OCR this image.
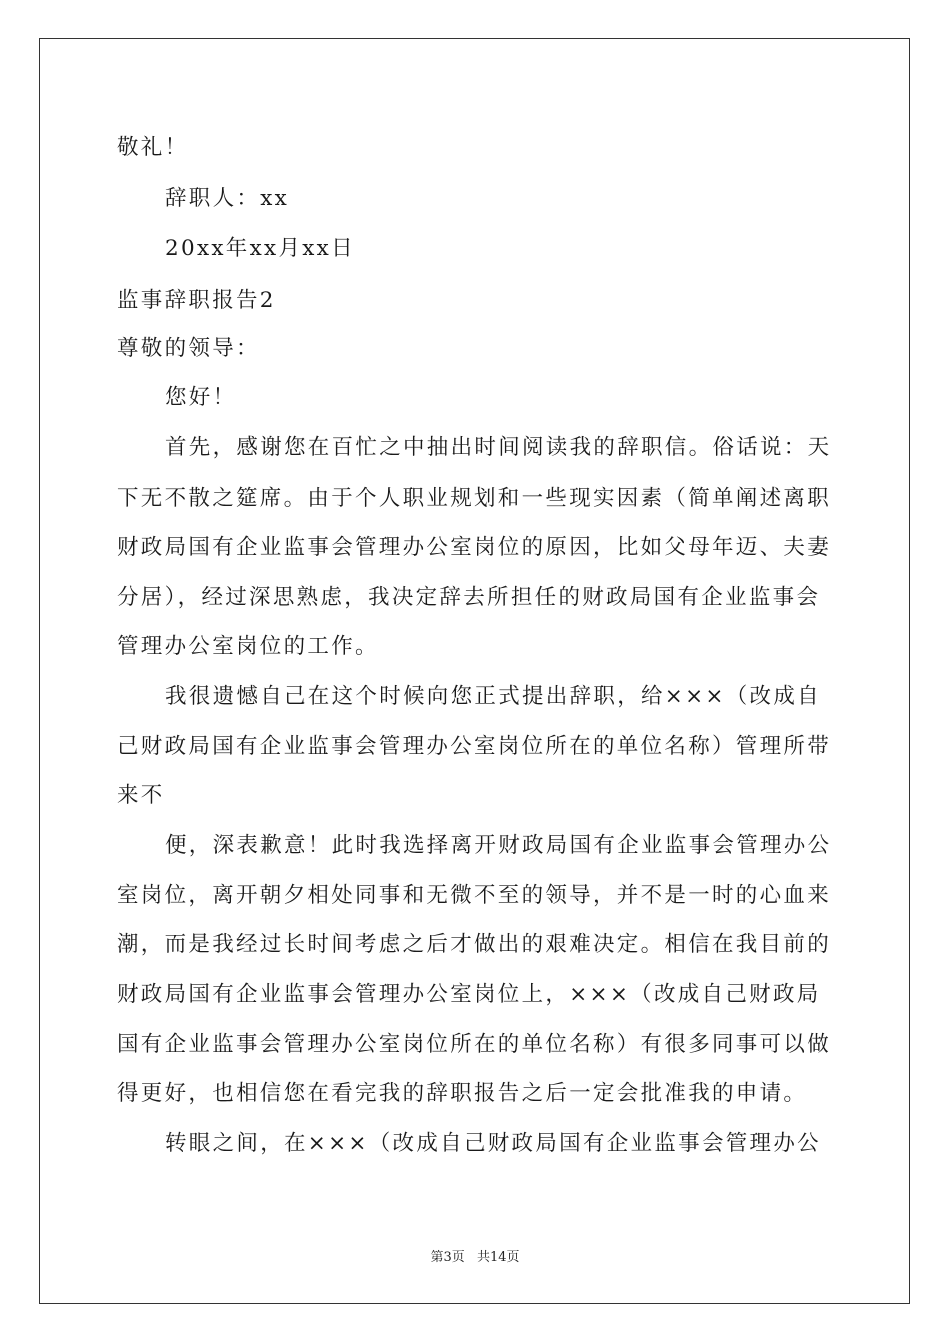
敬礼！
辞职人：xx
20xx年xx月xx日
监事辞职报告2
尊敬的领导：
您好！
首先，感谢您在百忙之中抽出时间阅读我的辞职信。俗话说：天
下无不散之筵席。由于个人职业规划和一些现实因素（简单阐述离职
财政局国有企业监事会管理办公室岗位的原因，比如父母年迈、夫妻
分居），经过深思熟虑，我决定辞去所担任的财政局国有企业监事会
管理办公室岗位的工作。
我很遗憾自己在这个时候向您正式提出辞职，给×××（改成自
己财政局国有企业监事会管理办公室岗位所在的单位名称）管理所带
来不
便，深表歉意！此时我选择离开财政局国有企业监事会管理办公
室岗位，离开朝夕相处同事和无微不至的领导，并不是一时的心血来
潮，而是我经过长时间考虑之后才做出的艰难决定。相信在我目前的
财政局国有企业监事会管理办公室岗位上，×××（改成自己财政局
国有企业监事会管理办公室岗位所在的单位名称）有很多同事可以做
得更好，也相信您在看完我的辞职报告之后一定会批准我的申请。
转眼之间，在×××（改成自己财政局国有企业监事会管理办公
第3页 共14页
